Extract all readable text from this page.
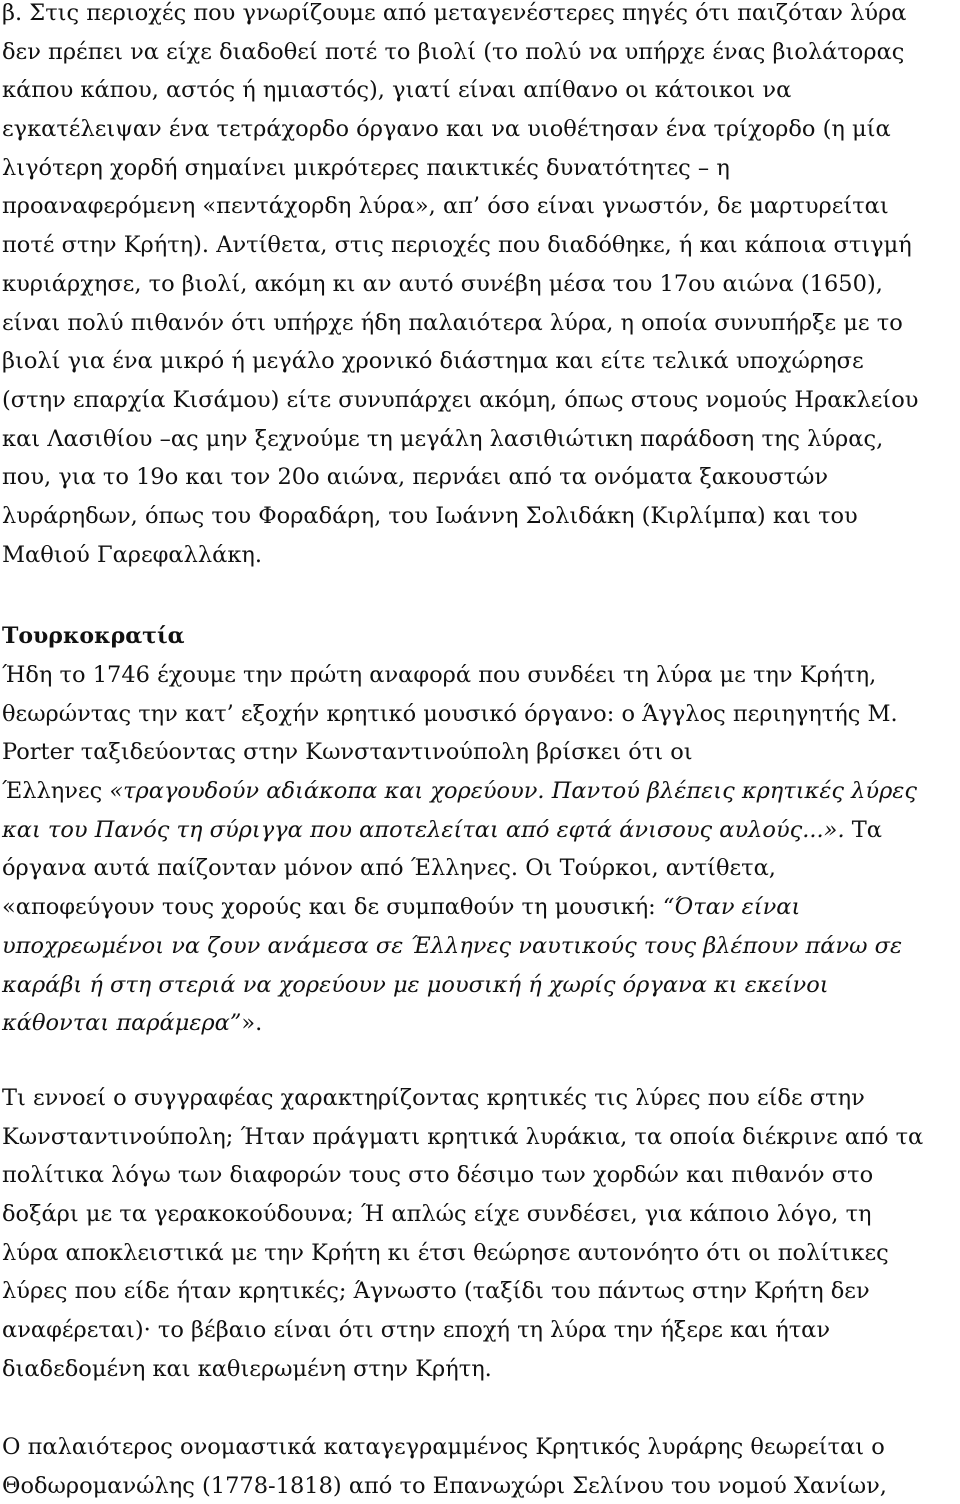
β. Στις περιοχές που γνωρίζουμε από μεταγενέστερες πηγές ότι παιζόταν λύρα
δεν πρέπει να είχε διαδοθεί ποτέ το βιολί (το πολύ να υπήρχε ένας βιολάτορας
κάπου κάπου, αστός ή ημιαστός), γιατί είναι απίθανο οι κάτοικοι να
εγκατέλειψαν ένα τετράχορδο όργανο και να υιοθέτησαν ένα τρίχορδο (η μία
λιγότερη χορδή σημαίνει μικρότερες παικτικές δυνατότητες – η
προαναφερόμενη «πεντάχορδη λύρα», απ’ όσο είναι γνωστόν, δε μαρτυρείται
ποτέ στην Κρήτη). Αντίθετα, στις περιοχές που διαδόθηκε, ή και κάποια στιγμή
κυριάρχησε, το βιολί, ακόμη κι αν αυτό συνέβη μέσα του 17ου αιώνα (1650),
είναι πολύ πιθανόν ότι υπήρχε ήδη παλαιότερα λύρα, η οποία συνυπήρξε με το
βιολί για ένα μικρό ή μεγάλο χρονικό διάστημα και είτε τελικά υποχώρησε
(στην επαρχία Κισάμου) είτε συνυπάρχει ακόμη, όπως στους νομούς Ηρακλείου
και Λασιθίου –ας μην ξεχνούμε τη μεγάλη λασιθιώτικη παράδοση της λύρας,
που, για το 19ο και τον 20ο αιώνα, περνάει από τα ονόματα ξακουστών
λυράρηδων, όπως του Φοραδάρη, του Ιωάννη Σολιδάκη (Κιρλίμπα) και του
Μαθιού Γαρεφαλλάκη.

Τουρκοκρατία

Ήδη το 1746 έχουμε την πρώτη αναφορά που συνδέει τη λύρα με την Κρήτη,
θεωρώντας την κατ’ εξοχήν κρητικό μουσικό όργανο: ο Άγγλος περιηγητής Μ.
Porter ταξιδεύοντας στην Κωνσταντινούπολη βρίσκει ότι οι
Έλληνες «τραγουδούν αδιάκοπα και χορεύουν. Παντού βλέπεις κρητικές λύρες
και του Πανός τη σύριγγα που αποτελείται από εφτά άνισους αυλούς...». Τα
όργανα αυτά παίζονταν μόνον από Έλληνες. Οι Τούρκοι, αντίθετα,
«αποφεύγουν τους χορούς και δε συμπαθούν τη μουσική: “Όταν είναι
υποχρεωμένοι να ζουν ανάμεσα σε Έλληνες ναυτικούς τους βλέπουν πάνω σε
καράβι ή στη στεριά να χορεύουν με μουσική ή χωρίς όργανα κι εκείνοι
κάθονται παράμερα”».

Τι εννοεί ο συγγραφέας χαρακτηρίζοντας κρητικές τις λύρες που είδε στην
Κωνσταντινούπολη; Ήταν πράγματι κρητικά λυράκια, τα οποία διέκρινε από τα
πολίτικα λόγω των διαφορών τους στο δέσιμο των χορδών και πιθανόν στο
δοξάρι με τα γερακοκούδουνα; Ή απλώς είχε συνδέσει, για κάποιο λόγο, τη
λύρα αποκλειστικά με την Κρήτη κι έτσι θεώρησε αυτονόητο ότι οι πολίτικες
λύρες που είδε ήταν κρητικές; Άγνωστο (ταξίδι του πάντως στην Κρήτη δεν
αναφέρεται)· το βέβαιο είναι ότι στην εποχή τη λύρα την ήξερε και ήταν
διαδεδομένη και καθιερωμένη στην Κρήτη.

Ο παλαιότερος ονομαστικά καταγεγραμμένος Κρητικός λυράρης θεωρείται ο
Θοδωρομανώλης (1778-1818) από το Επανωχώρι Σελίνου του νομού Χανίων,
